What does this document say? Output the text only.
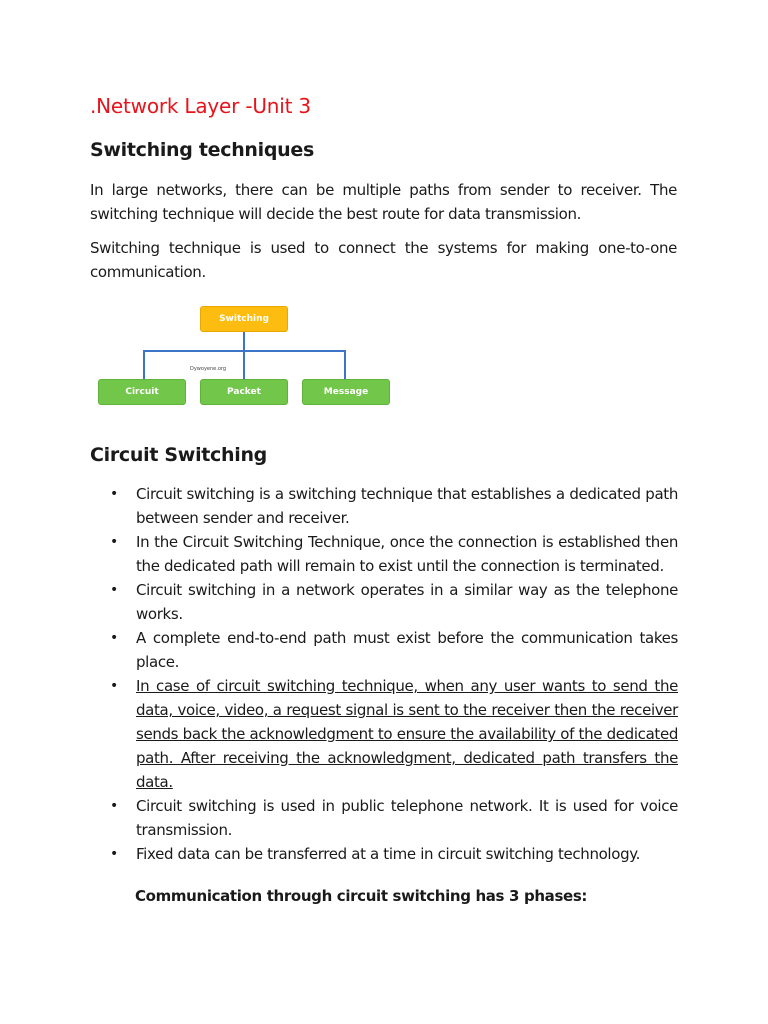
.Network Layer -Unit 3
Switching techniques

In large networks, there can be multiple paths from sender to receiver. The
switching technique will decide the best route for data transmission.

Switching technique is used to connect the systems for making one-to-one
communication.

Switching
Circuit	Packet	Message
Dywoyene.org
Circuit Switching
• Circuit switching is a switching technique that establishes a dedicated path
between sender and receiver.
• In the Circuit Switching Technique, once the connection is established then
the dedicated path will remain to exist until the connection is terminated.
• Circuit switching in a network operates in a similar way as the telephone
works.
• A complete end-to-end path must exist before the communication takes
place.
• In case of circuit switching technique, when any user wants to send the
data, voice, video, a request signal is sent to the receiver then the receiver
sends back the acknowledgment to ensure the availability of the dedicated
path. After receiving the acknowledgment, dedicated path transfers the
data.
• Circuit switching is used in public telephone network. It is used for voice
transmission.
• Fixed data can be transferred at a time in circuit switching technology.

Communication through circuit switching has 3 phases:
